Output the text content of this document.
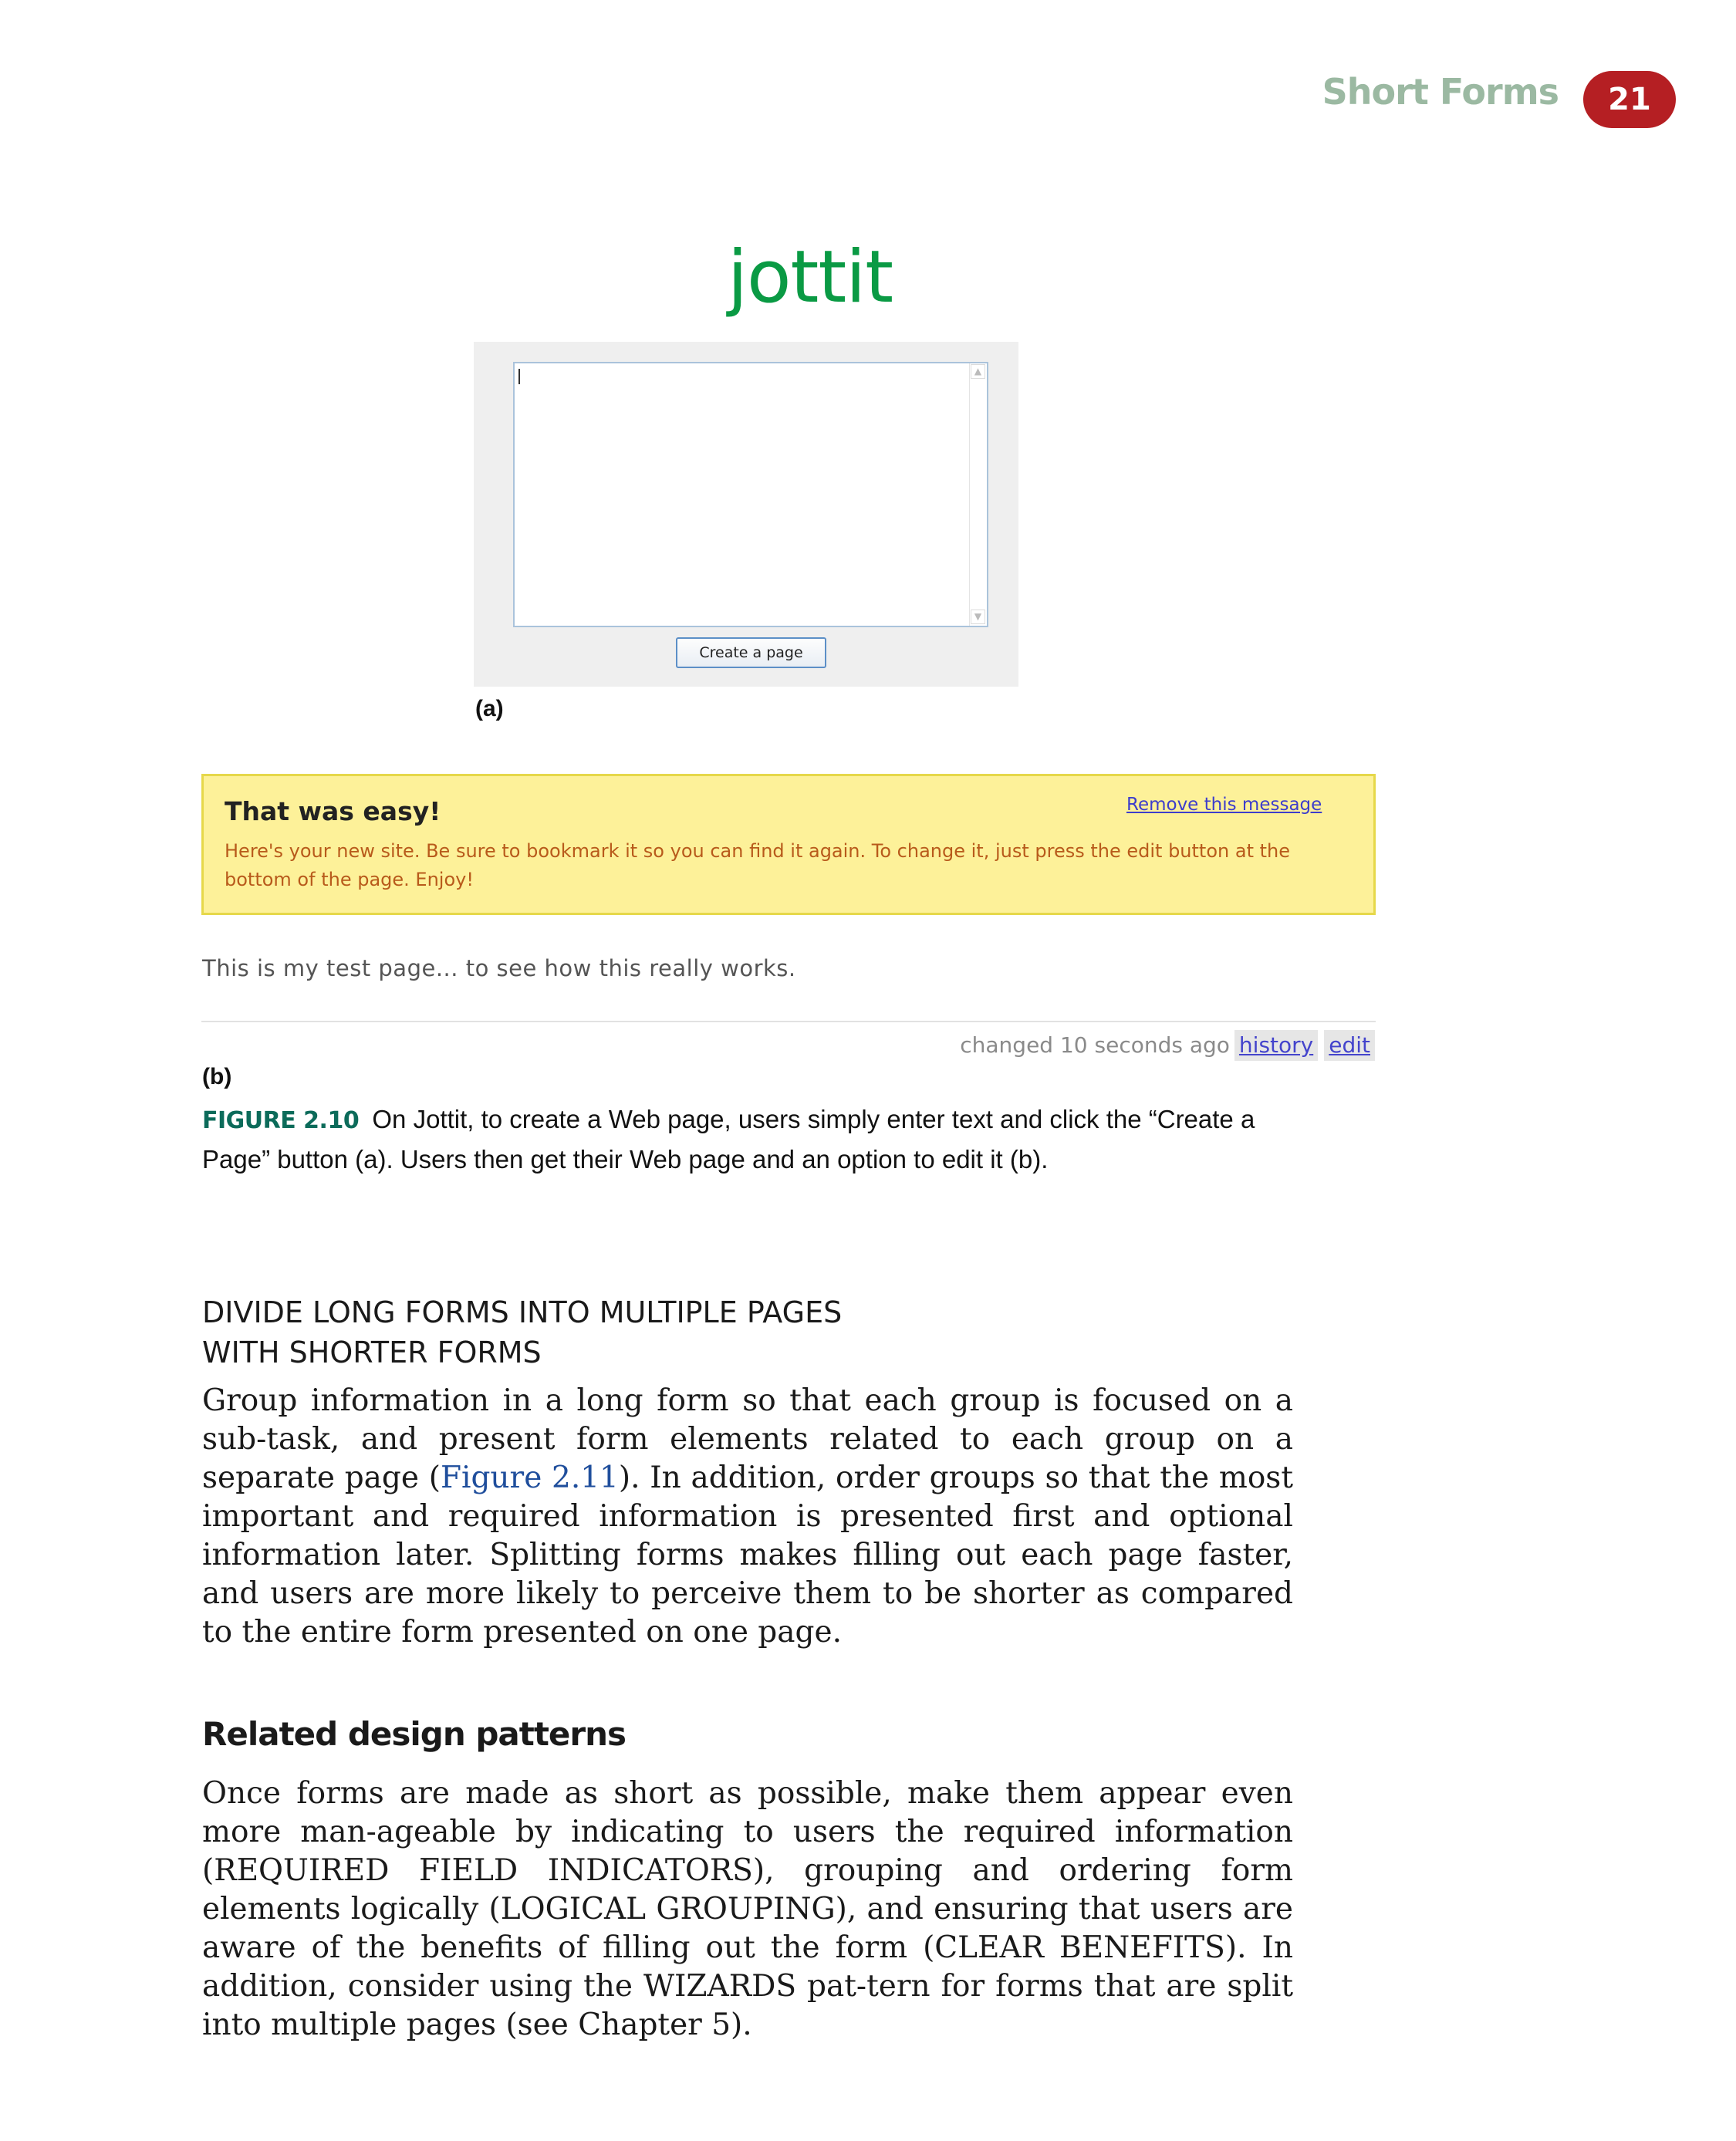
Short Forms	21
jottit
▲
▼
Create a page
(a)
That was easy!	Remove this message
Here's your new site. Be sure to bookmark it so you can find it again. To change it, just press the edit button at the bottom of the page. Enjoy!
This is my test page... to see how this really works.
changed 10 seconds ago history edit
(b)
FIGURE 2.10 On Jottit, to create a Web page, users simply enter text and click the “Create a Page” button (a). Users then get their Web page and an option to edit it (b).
DIVIDE LONG FORMS INTO MULTIPLE PAGES
WITH SHORTER FORMS

Group information in a long form so that each group is focused on a sub-task, and present form elements related to each group on a separate page (Figure 2.11). In addition, order groups so that the most important and required information is presented first and optional information later. Splitting forms makes filling out each page faster, and users are more likely to perceive them to be shorter as compared to the entire form presented on one page.

Related design patterns

Once forms are made as short as possible, make them appear even more man-ageable by indicating to users the required information (REQUIRED FIELD INDICATORS), grouping and ordering form elements logically (LOGICAL GROUPING), and ensuring that users are aware of the benefits of filling out the form (CLEAR BENEFITS). In addition, consider using the WIZARDS pat-tern for forms that are split into multiple pages (see Chapter 5).
